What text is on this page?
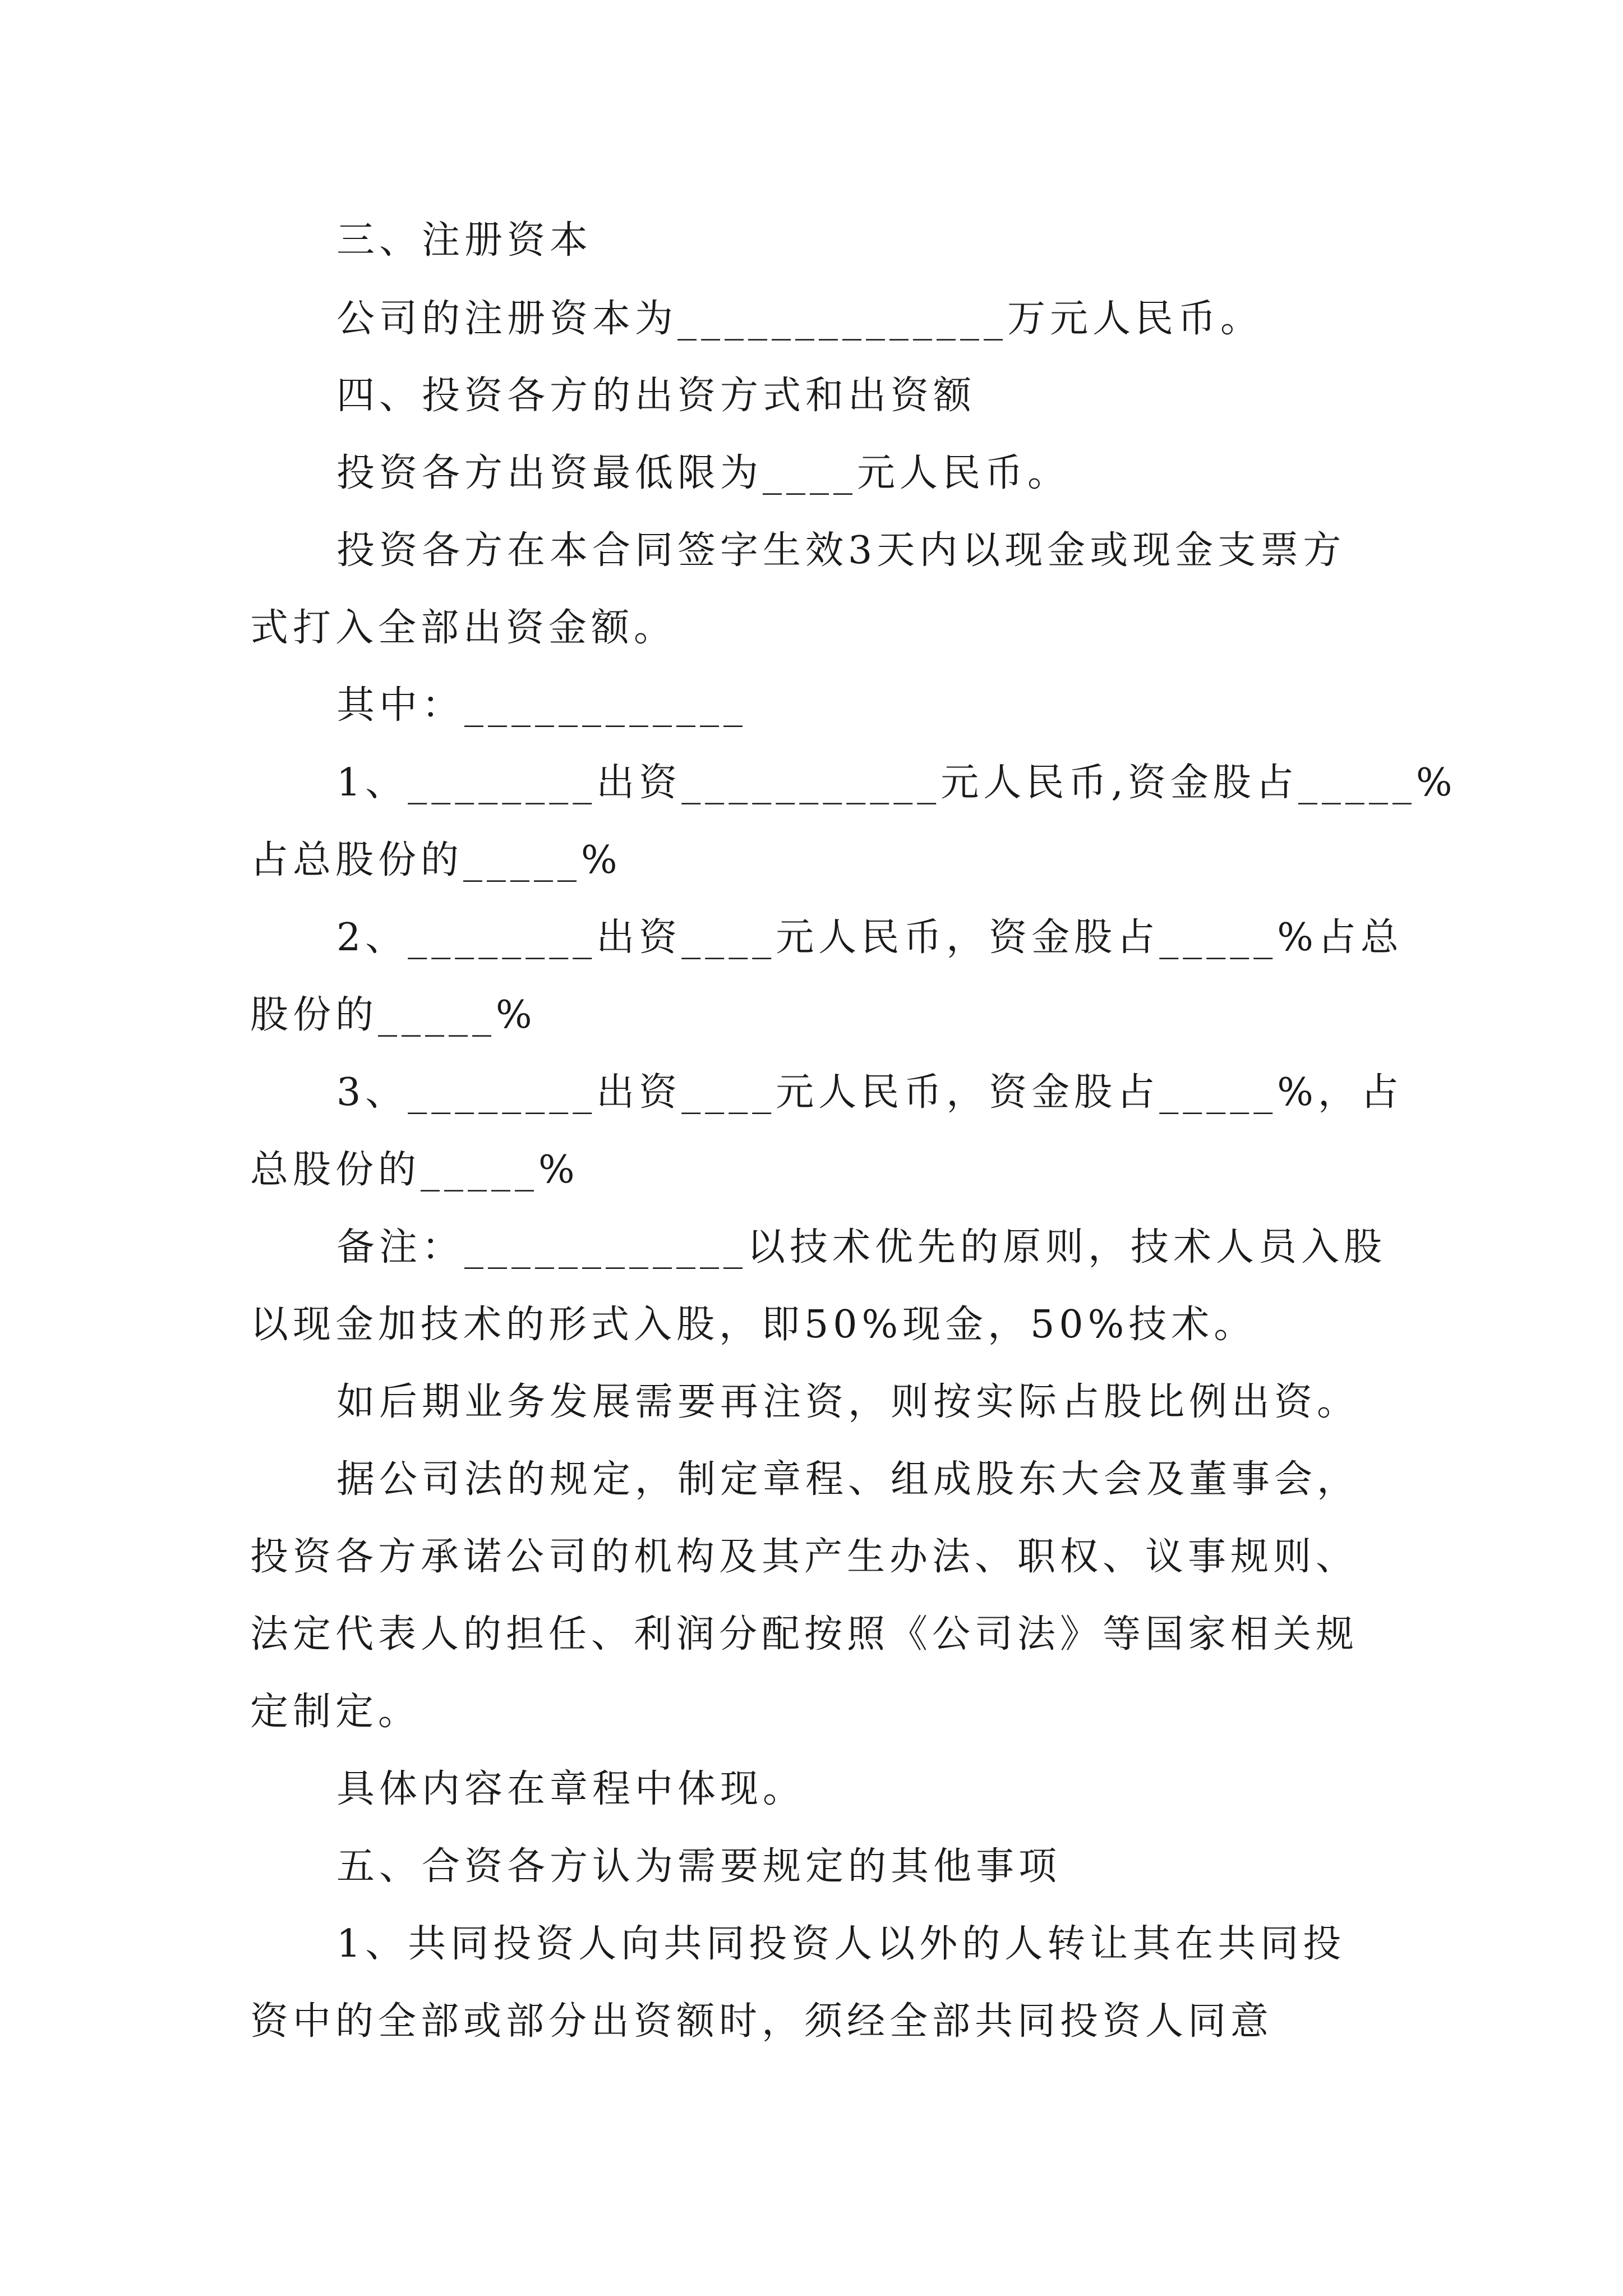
三、注册资本
公司的注册资本为______________万元人民币。
四、投资各方的出资方式和出资额
投资各方出资最低限为____元人民币。
投资各方在本合同签字生效3天内以现金或现金支票方
式打入全部出资金额。
其中：____________
1、________出资___________元人民币,资金股占_____%
占总股份的_____%
2、________出资____元人民币，资金股占_____%占总
股份的_____%
3、________出资____元人民币，资金股占_____%，占
总股份的_____%
备注：____________以技术优先的原则，技术人员入股
以现金加技术的形式入股，即50%现金，50%技术。
如后期业务发展需要再注资，则按实际占股比例出资。
据公司法的规定，制定章程、组成股东大会及董事会，
投资各方承诺公司的机构及其产生办法、职权、议事规则、
法定代表人的担任、利润分配按照《公司法》等国家相关规
定制定。
具体内容在章程中体现。
五、合资各方认为需要规定的其他事项
1、共同投资人向共同投资人以外的人转让其在共同投
资中的全部或部分出资额时，须经全部共同投资人同意
